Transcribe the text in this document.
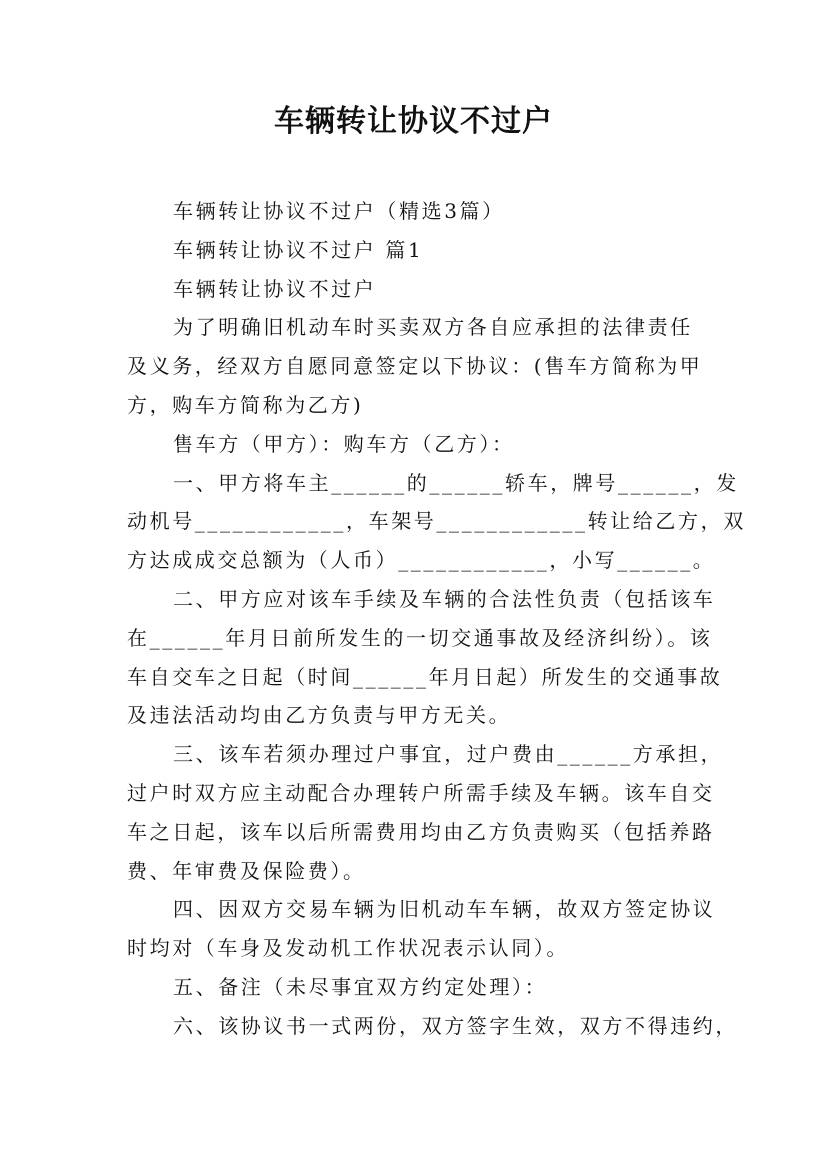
车辆转让协议不过户
车辆转让协议不过户（精选3篇）
车辆转让协议不过户 篇1
车辆转让协议不过户
为了明确旧机动车时买卖双方各自应承担的法律责任
及义务，经双方自愿同意签定以下协议：(售车方简称为甲
方，购车方简称为乙方)
售车方（甲方）：购车方（乙方）：
一、甲方将车主______的______轿车，牌号______，发
动机号____________，车架号____________转让给乙方，双
方达成成交总额为（人币）____________，小写______。
二、甲方应对该车手续及车辆的合法性负责（包括该车
在______年月日前所发生的一切交通事故及经济纠纷）。该
车自交车之日起（时间______年月日起）所发生的交通事故
及违法活动均由乙方负责与甲方无关。
三、该车若须办理过户事宜，过户费由______方承担，
过户时双方应主动配合办理转户所需手续及车辆。该车自交
车之日起，该车以后所需费用均由乙方负责购买（包括养路
费、年审费及保险费）。
四、因双方交易车辆为旧机动车车辆，故双方签定协议
时均对（车身及发动机工作状况表示认同）。
五、备注（未尽事宜双方约定处理）：
六、该协议书一式两份，双方签字生效，双方不得违约，
